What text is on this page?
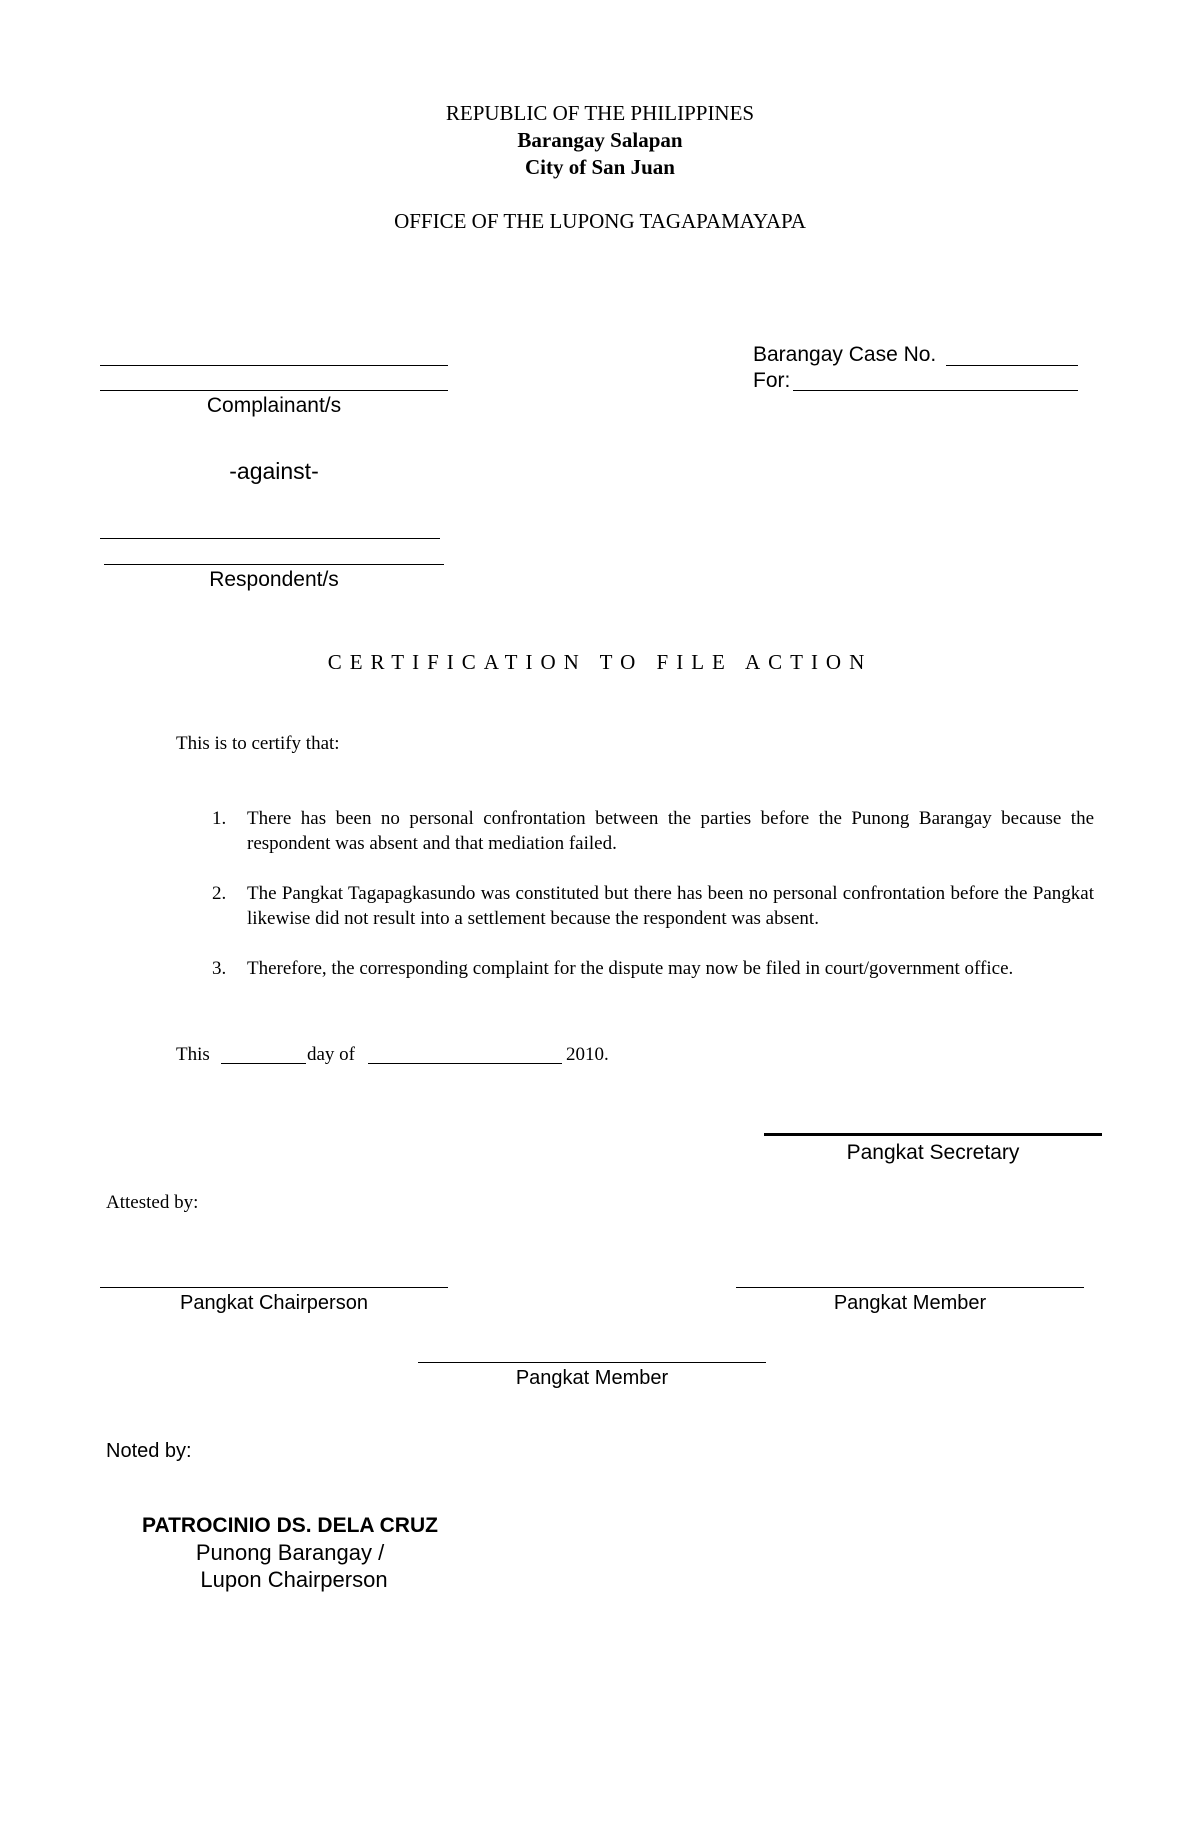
REPUBLIC OF THE PHILIPPINES
Barangay Salapan
City of San Juan
OFFICE OF THE LUPONG TAGAPAMAYAPA
Complainant/s
-against-
Respondent/s
Barangay Case No.
For:
CERTIFICATION TO FILE ACTION
This is to certify that:
1. There has been no personal confrontation between the parties before the Punong Barangay because the respondent was absent and that mediation failed.
2. The Pangkat Tagapagkasundo was constituted but there has been no personal confrontation before the Pangkat likewise did not result into a settlement because the respondent was absent.
3. Therefore, the corresponding complaint for the dispute may now be filed in court/government office.
This	day of	2010.
Pangkat Secretary
Attested by:
Pangkat Chairperson	Pangkat Member
Pangkat Member
Noted by:
PATROCINIO DS. DELA CRUZ
Punong Barangay /
Lupon Chairperson
